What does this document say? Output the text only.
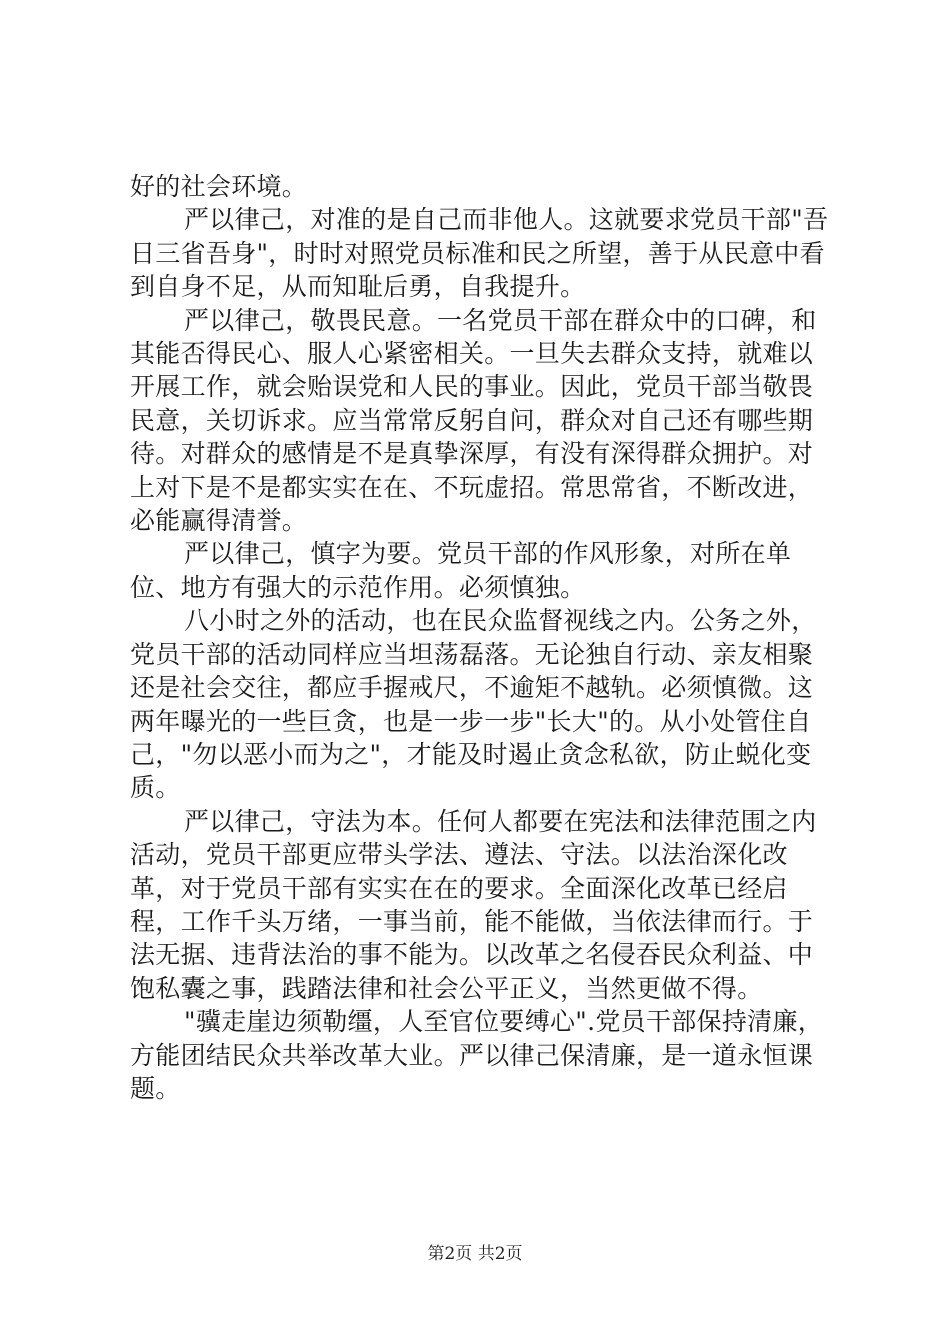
好的社会环境。

严以律己，对准的是自己而非他人。这就要求党员干部"吾日三省吾身"，时时对照党员标准和民之所望，善于从民意中看到自身不足，从而知耻后勇，自我提升。

严以律己，敬畏民意。一名党员干部在群众中的口碑，和其能否得民心、服人心紧密相关。一旦失去群众支持，就难以开展工作，就会贻误党和人民的事业。因此，党员干部当敬畏民意，关切诉求。应当常常反躬自问，群众对自己还有哪些期待。对群众的感情是不是真挚深厚，有没有深得群众拥护。对上对下是不是都实实在在、不玩虚招。常思常省，不断改进，必能赢得清誉。

严以律己，慎字为要。党员干部的作风形象，对所在单位、地方有强大的示范作用。必须慎独。

八小时之外的活动，也在民众监督视线之内。公务之外，党员干部的活动同样应当坦荡磊落。无论独自行动、亲友相聚还是社会交往，都应手握戒尺，不逾矩不越轨。必须慎微。这两年曝光的一些巨贪，也是一步一步"长大"的。从小处管住自己，"勿以恶小而为之"，才能及时遏止贪念私欲，防止蜕化变质。

严以律己，守法为本。任何人都要在宪法和法律范围之内活动，党员干部更应带头学法、遵法、守法。以法治深化改革，对于党员干部有实实在在的要求。全面深化改革已经启程，工作千头万绪，一事当前，能不能做，当依法律而行。于法无据、违背法治的事不能为。以改革之名侵吞民众利益、中饱私囊之事，践踏法律和社会公平正义，当然更做不得。

"骥走崖边须勒缰，人至官位要缚心".党员干部保持清廉，方能团结民众共举改革大业。严以律己保清廉，是一道永恒课题。

第2页 共2页
